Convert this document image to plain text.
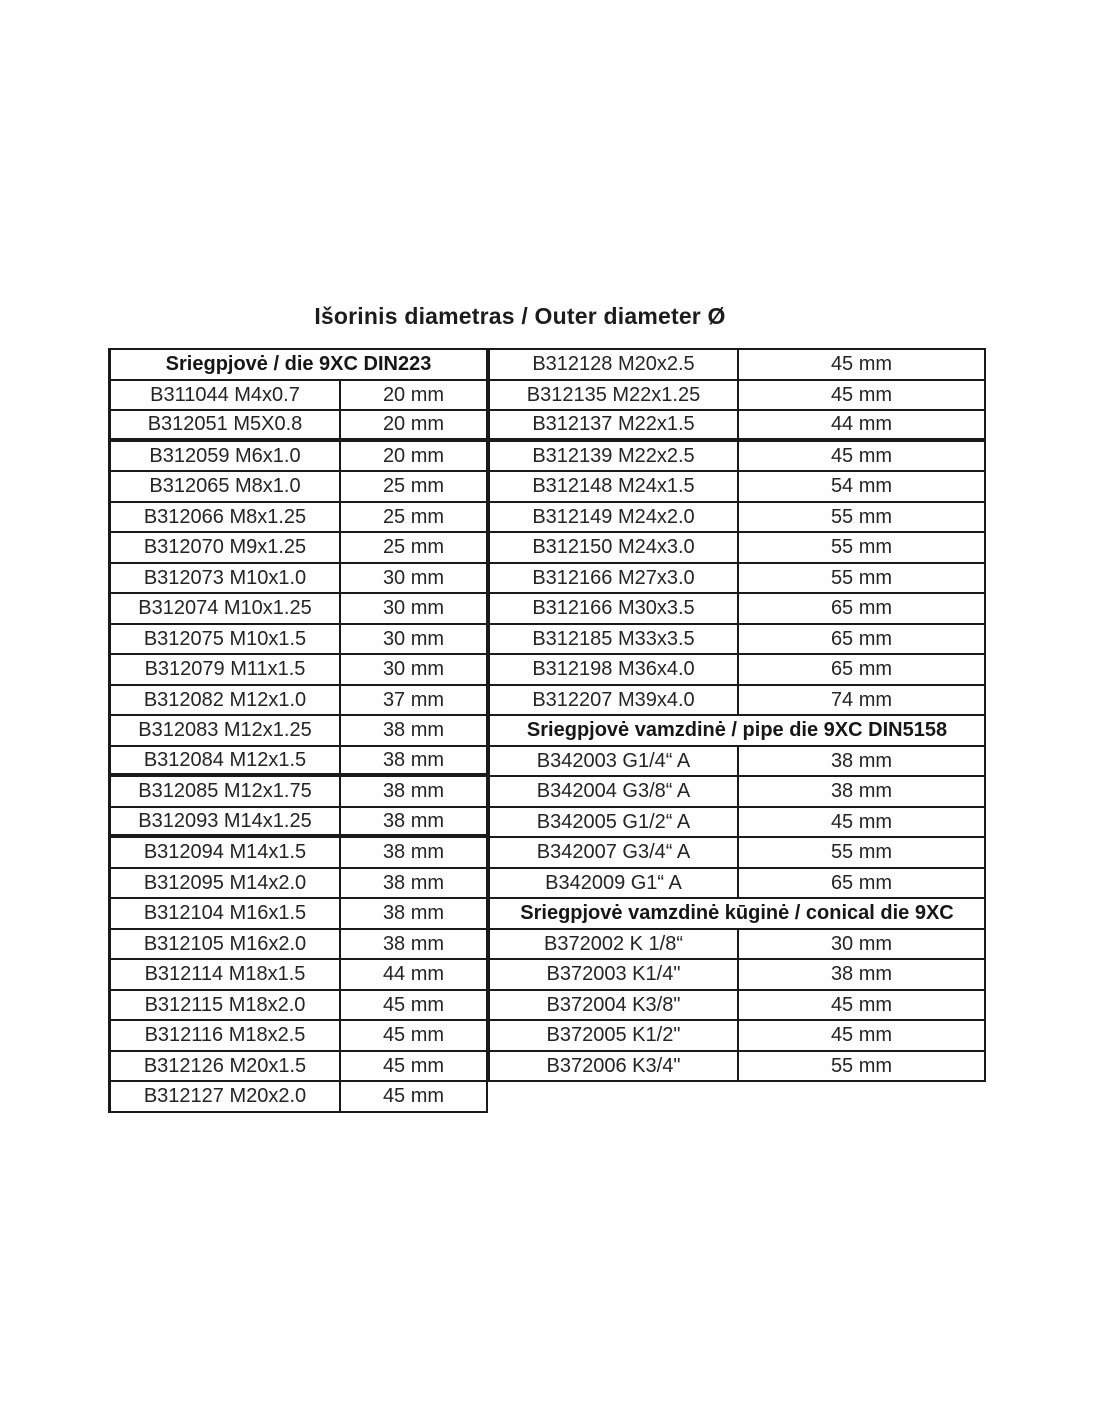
Išorinis diametras / Outer diameter Ø
Sriegpjovė / die 9XC DIN223
B311044 M4x0.7	20 mm
B312051 M5X0.8	20 mm
B312059 M6x1.0	20 mm
B312065 M8x1.0	25 mm
B312066 M8x1.25	25 mm
B312070 M9x1.25	25 mm
B312073 M10x1.0	30 mm
B312074 M10x1.25	30 mm
B312075 M10x1.5	30 mm
B312079 M11x1.5	30 mm
B312082 M12x1.0	37 mm
B312083 M12x1.25	38 mm
B312084 M12x1.5	38 mm
B312085 M12x1.75	38 mm
B312093 M14x1.25	38 mm
B312094 M14x1.5	38 mm
B312095 M14x2.0	38 mm
B312104 M16x1.5	38 mm
B312105 M16x2.0	38 mm
B312114 M18x1.5	44 mm
B312115 M18x2.0	45 mm
B312116 M18x2.5	45 mm
B312126 M20x1.5	45 mm
B312127 M20x2.0	45 mm
B312128 M20x2.5	45 mm
B312135 M22x1.25	45 mm
B312137 M22x1.5	44 mm
B312139 M22x2.5	45 mm
B312148 M24x1.5	54 mm
B312149 M24x2.0	55 mm
B312150 M24x3.0	55 mm
B312166 M27x3.0	55 mm
B312166 M30x3.5	65 mm
B312185 M33x3.5	65 mm
B312198 M36x4.0	65 mm
B312207 M39x4.0	74 mm
Sriegpjovė vamzdinė / pipe die 9XC DIN5158
B342003 G1/4“ A	38 mm
B342004 G3/8“ A	38 mm
B342005 G1/2“ A	45 mm
B342007 G3/4“ A	55 mm
B342009 G1“ A	65 mm
Sriegpjovė vamzdinė kūginė / conical die 9XC
B372002 K 1/8“	30 mm
B372003 K1/4"	38 mm
B372004 K3/8"	45 mm
B372005 K1/2"	45 mm
B372006 K3/4"	55 mm
